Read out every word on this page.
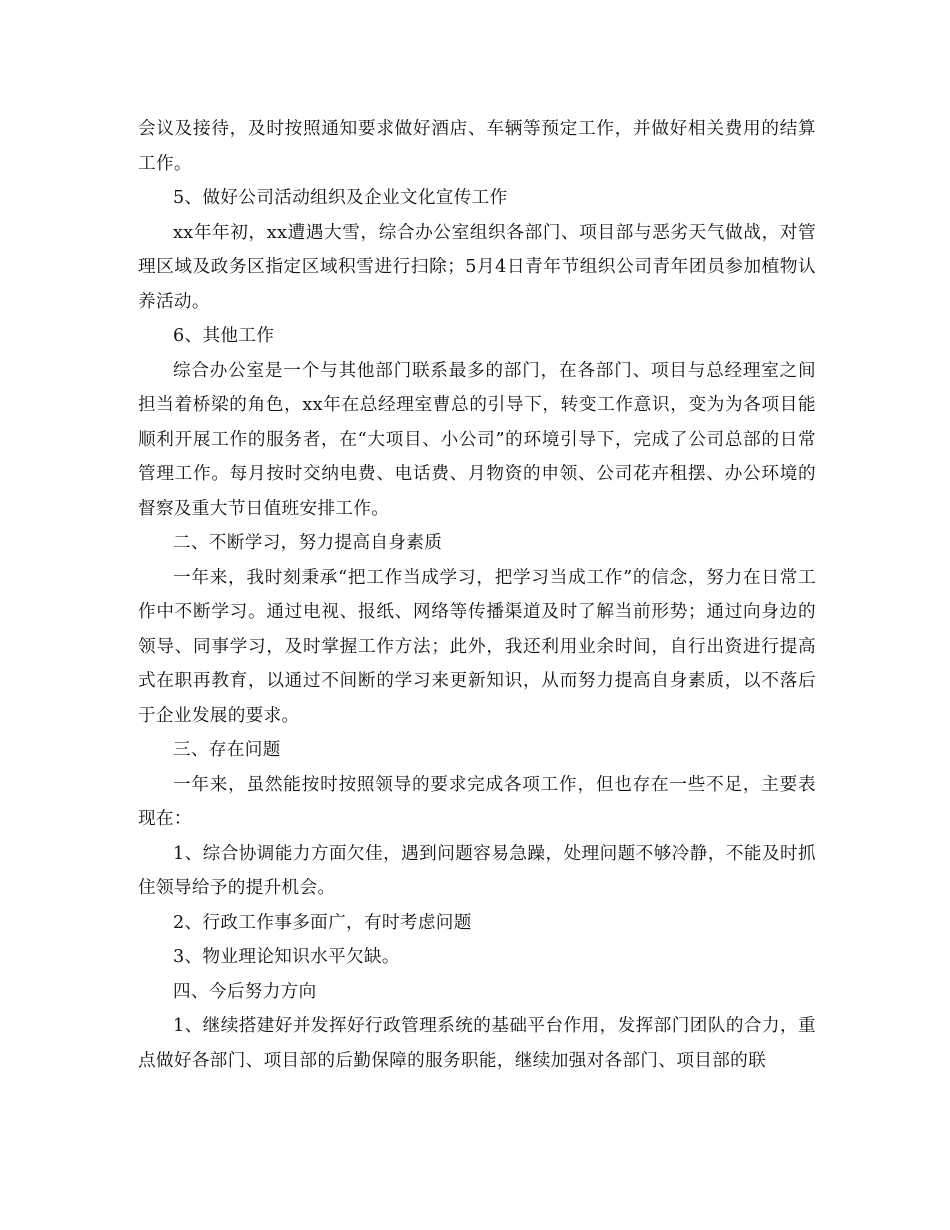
会议及接待，及时按照通知要求做好酒店、车辆等预定工作，并做好相关费用的结算工作。

5、做好公司活动组织及企业文化宣传工作

xx年年初，xx遭遇大雪，综合办公室组织各部门、项目部与恶劣天气做战，对管理区域及政务区指定区域积雪进行扫除；5月4日青年节组织公司青年团员参加植物认养活动。

6、其他工作

综合办公室是一个与其他部门联系最多的部门，在各部门、项目与总经理室之间担当着桥梁的角色，xx年在总经理室曹总的引导下，转变工作意识，变为为各项目能顺利开展工作的服务者，在“大项目、小公司”的环境引导下，完成了公司总部的日常管理工作。每月按时交纳电费、电话费、月物资的申领、公司花卉租摆、办公环境的督察及重大节日值班安排工作。

二、不断学习，努力提高自身素质

一年来，我时刻秉承“把工作当成学习，把学习当成工作”的信念，努力在日常工作中不断学习。通过电视、报纸、网络等传播渠道及时了解当前形势；通过向身边的领导、同事学习，及时掌握工作方法；此外，我还利用业余时间，自行出资进行提高式在职再教育，以通过不间断的学习来更新知识，从而努力提高自身素质，以不落后于企业发展的要求。

三、存在问题

一年来，虽然能按时按照领导的要求完成各项工作，但也存在一些不足，主要表现在：

1、综合协调能力方面欠佳，遇到问题容易急躁，处理问题不够冷静，不能及时抓住领导给予的提升机会。

2、行政工作事多面广，有时考虑问题

3、物业理论知识水平欠缺。

四、今后努力方向

1、继续搭建好并发挥好行政管理系统的基础平台作用，发挥部门团队的合力，重点做好各部门、项目部的后勤保障的服务职能，继续加强对各部门、项目部的联
